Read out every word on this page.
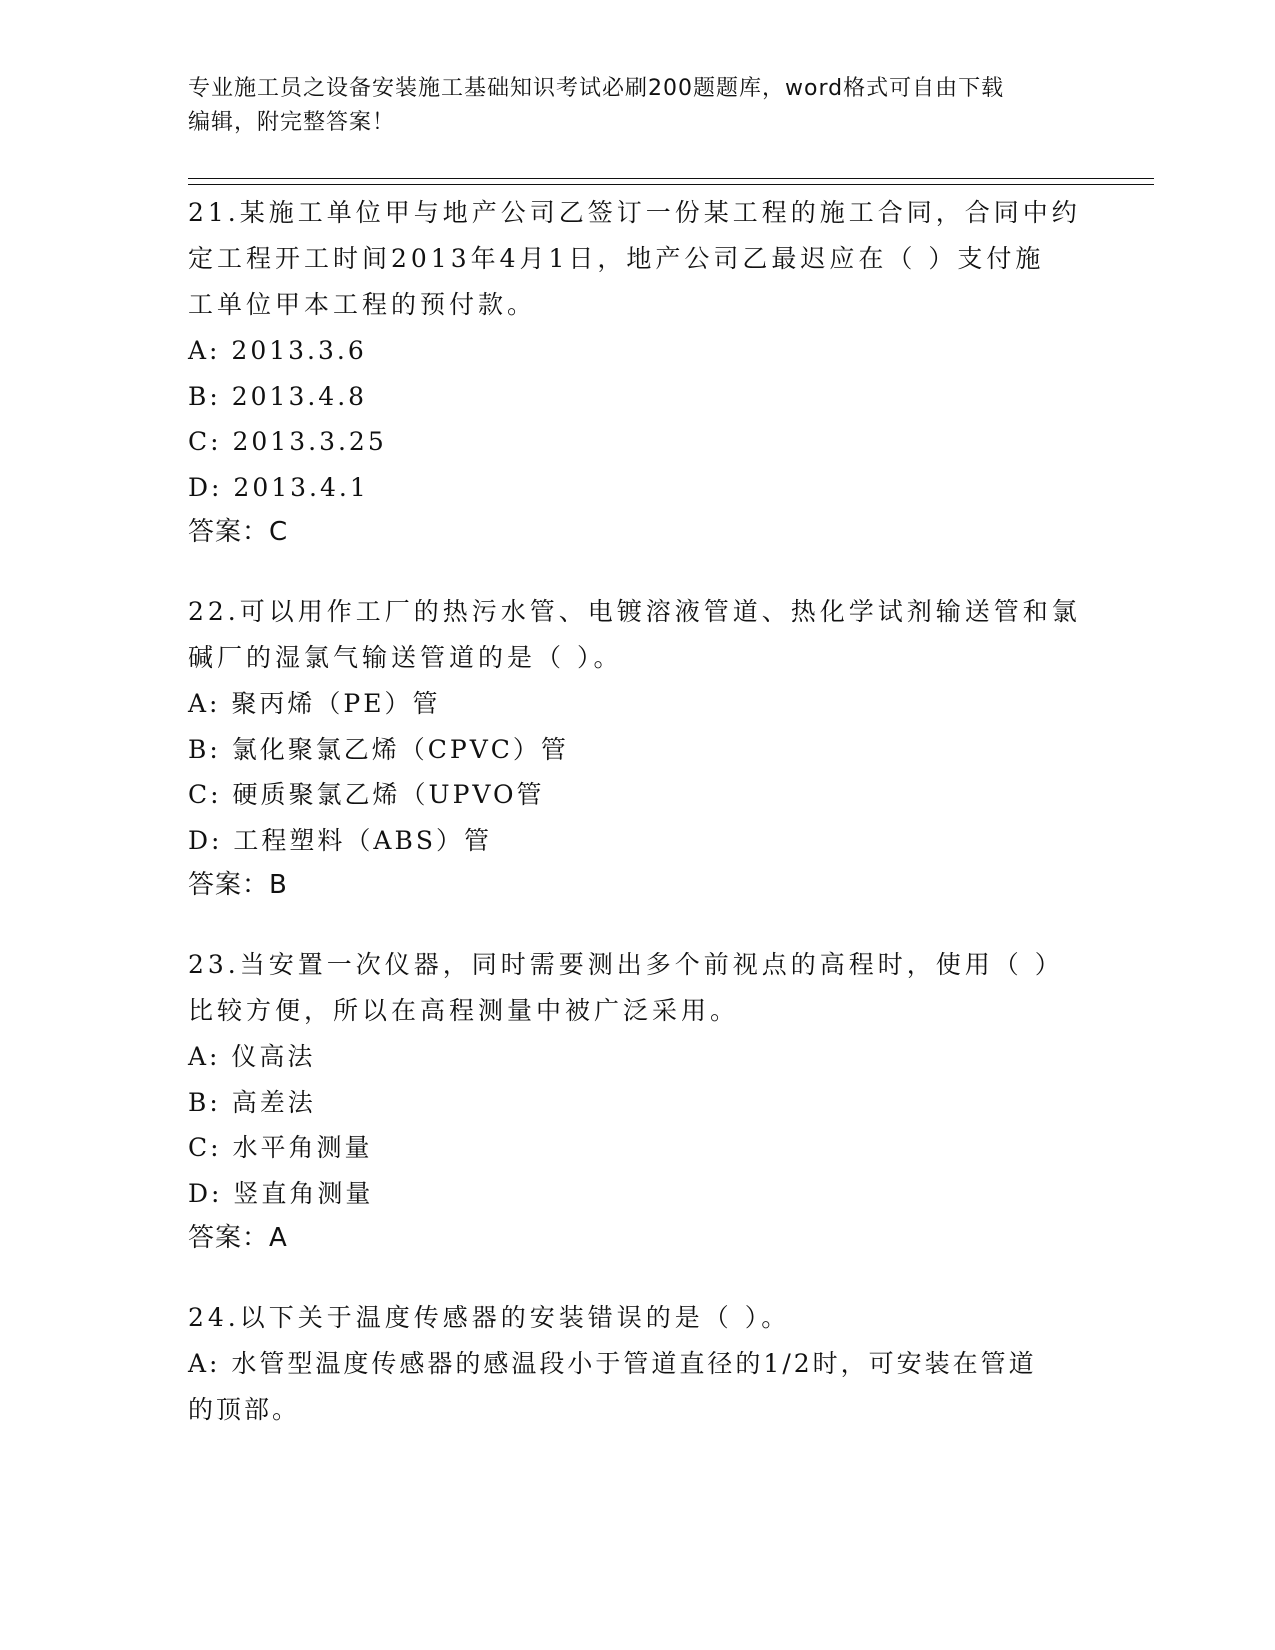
专业施工员之设备安装施工基础知识考试必刷200题题库，word格式可自由下载
编辑，附完整答案！
21.某施工单位甲与地产公司乙签订一份某工程的施工合同，合同中约
定工程开工时间2013年4月1日，地产公司乙最迟应在（ ）支付施
工单位甲本工程的预付款。
A: 2013.3.6
B: 2013.4.8
C: 2013.3.25
D: 2013.4.1
答案：C
22.可以用作工厂的热污水管、电镀溶液管道、热化学试剂输送管和氯
碱厂的湿氯气输送管道的是（ ）。
A: 聚丙烯（PE）管
B: 氯化聚氯乙烯（CPVC）管
C: 硬质聚氯乙烯（UPVO管
D: 工程塑料（ABS）管
答案：B
23.当安置一次仪器，同时需要测出多个前视点的高程时，使用（ ）
比较方便，所以在高程测量中被广泛采用。
A: 仪高法
B: 高差法
C: 水平角测量
D: 竖直角测量
答案：A
24.以下关于温度传感器的安装错误的是（ ）。
A: 水管型温度传感器的感温段小于管道直径的1/2时，可安装在管道
的顶部。
